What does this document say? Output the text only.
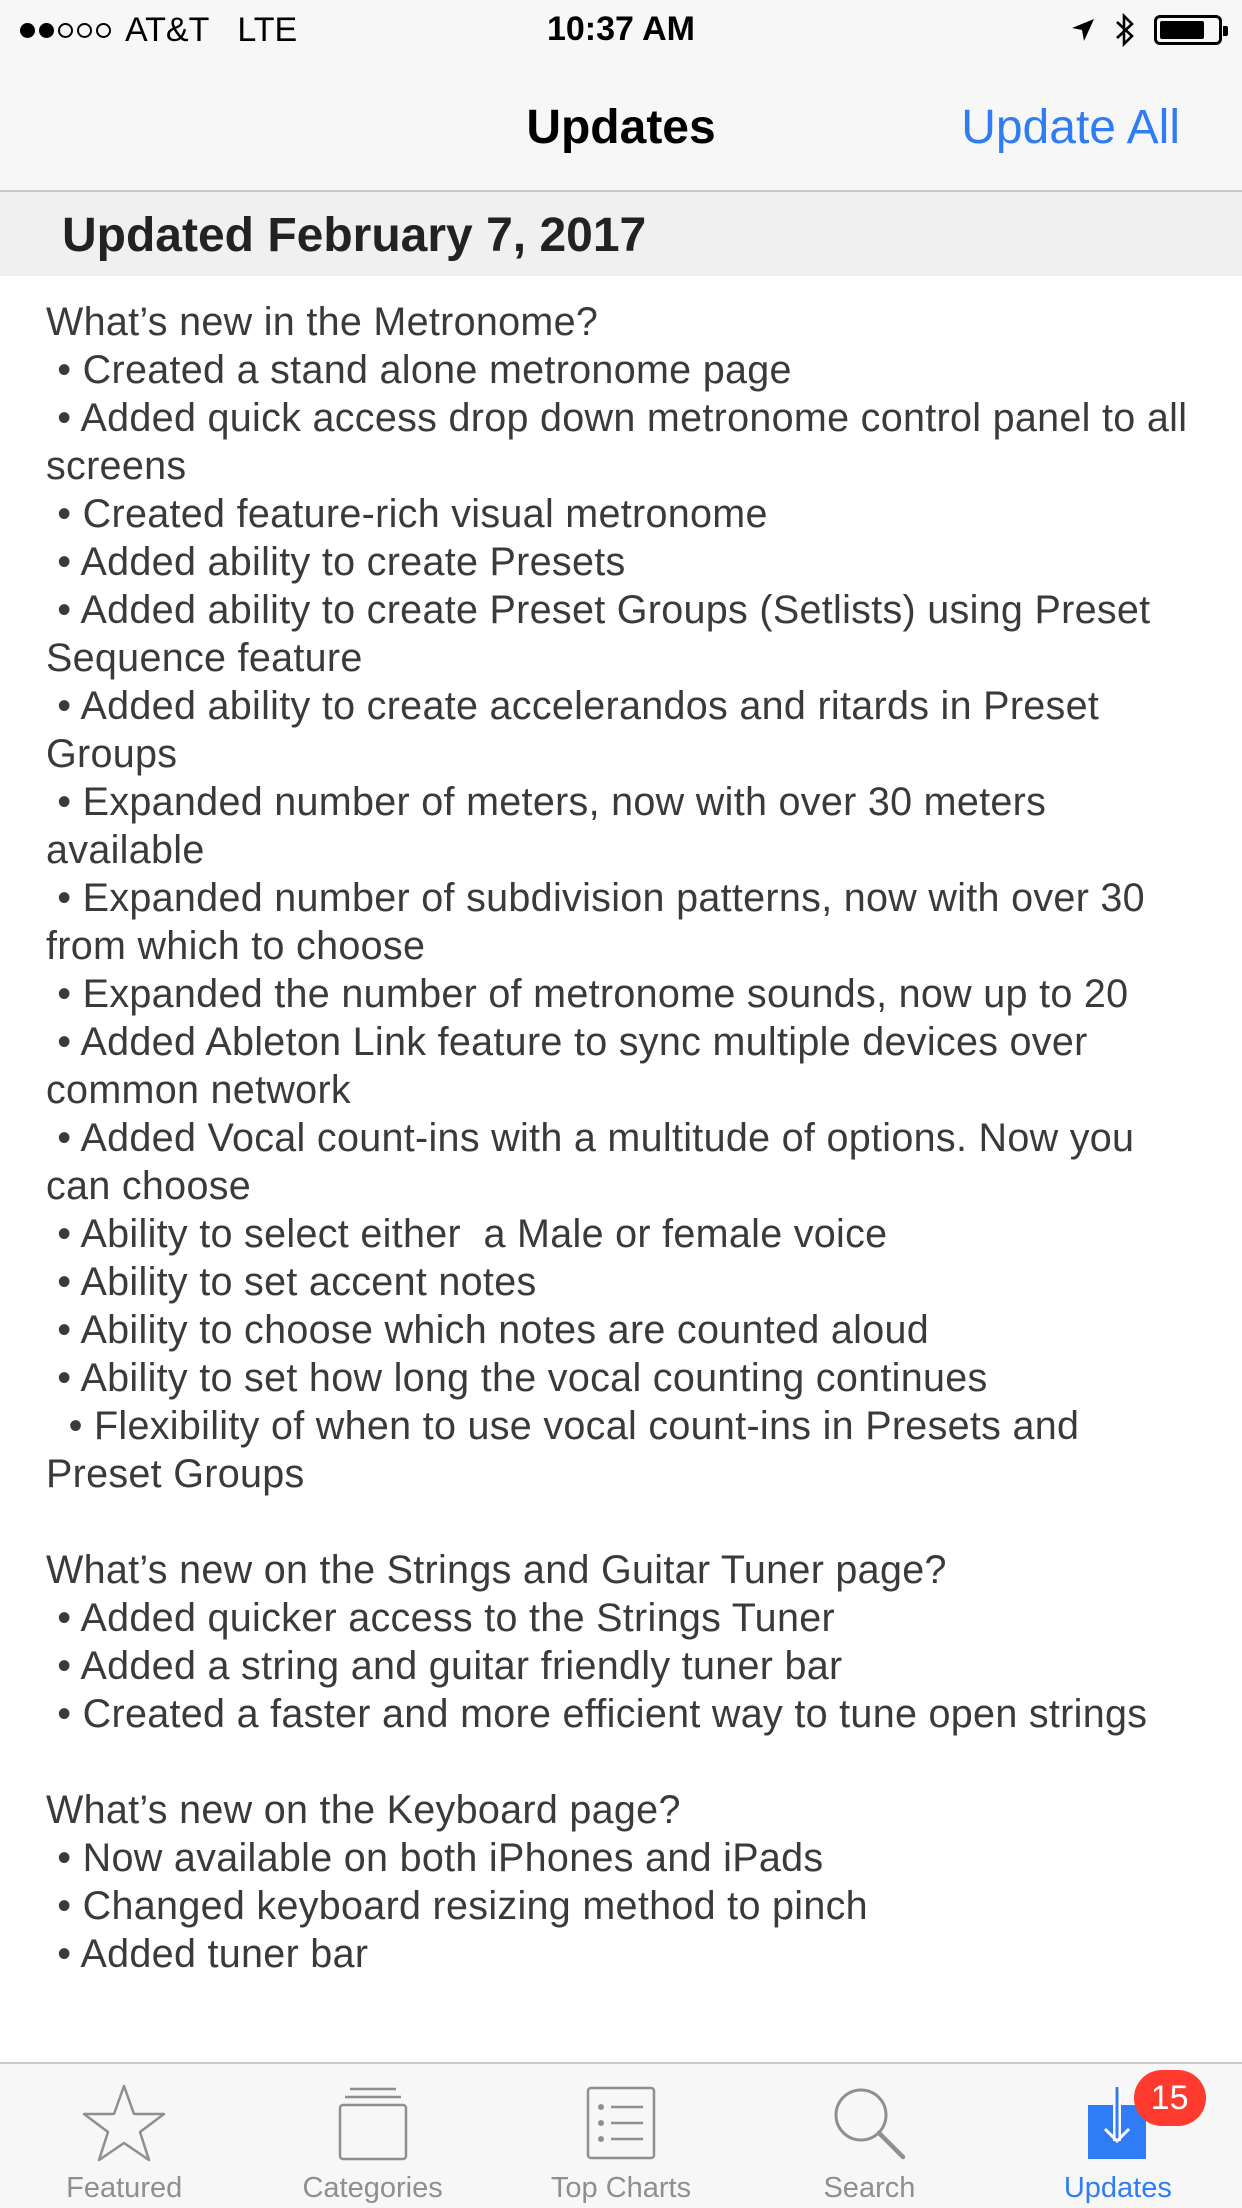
AT&T LTE	10:37 AM
Updates	Update All
Updated February 7, 2017
What’s new in the Metronome?
• Created a stand alone metronome page
• Added quick access drop down metronome control panel to all screens
• Created feature-rich visual metronome
• Added ability to create Presets
• Added ability to create Preset Groups (Setlists) using Preset Sequence feature
• Added ability to create accelerandos and ritards in Preset Groups
• Expanded number of meters, now with over 30 meters available
• Expanded number of subdivision patterns, now with over 30 from which to choose
• Expanded the number of metronome sounds, now up to 20
• Added Ableton Link feature to sync multiple devices over common network
• Added Vocal count-ins with a multitude of options. Now you can choose
• Ability to select either  a Male or female voice
• Ability to set accent notes
• Ability to choose which notes are counted aloud
• Ability to set how long the vocal counting continues
• Flexibility of when to use vocal count-ins in Presets and Preset Groups

What’s new on the Strings and Guitar Tuner page?
• Added quicker access to the Strings Tuner
• Added a string and guitar friendly tuner bar
• Created a faster and more efficient way to tune open strings

What’s new on the Keyboard page?
• Now available on both iPhones and iPads
• Changed keyboard resizing method to pinch
• Added tuner bar
Featured	Categories	Top Charts	Search
15
Updates
